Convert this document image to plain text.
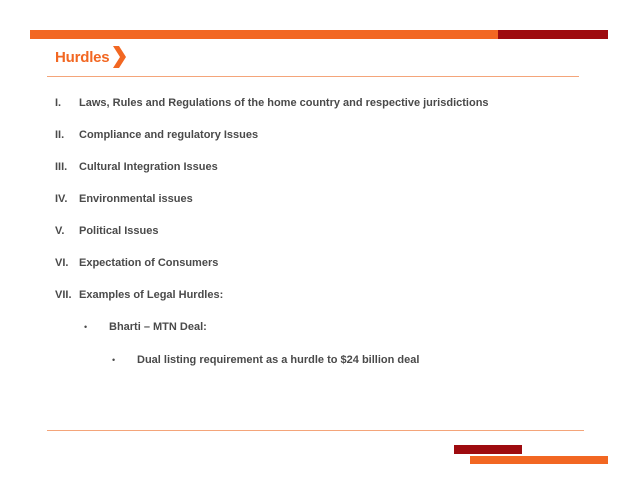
Hurdles
I. Laws, Rules and Regulations of the home country and respective jurisdictions
II. Compliance and regulatory Issues
III. Cultural Integration Issues
IV. Environmental issues
V. Political Issues
VI. Expectation of Consumers
VII. Examples of Legal Hurdles:
• Bharti – MTN Deal:
• Dual listing requirement as a hurdle to $24 billion deal
